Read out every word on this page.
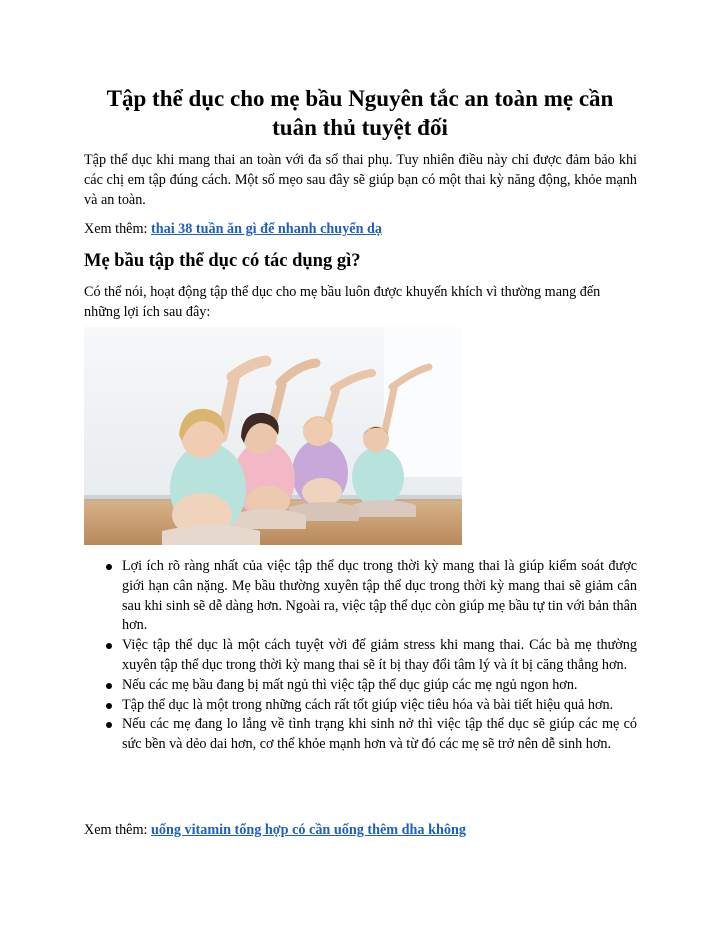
Tập thể dục cho mẹ bầu Nguyên tắc an toàn mẹ cần tuân thủ tuyệt đối

Tập thể dục khi mang thai an toàn với đa số thai phụ. Tuy nhiên điều này chỉ được đảm bảo khi các chị em tập đúng cách. Một số mẹo sau đây sẽ giúp bạn có một thai kỳ năng động, khỏe mạnh và an toàn.

Xem thêm: thai 38 tuần ăn gì để nhanh chuyển dạ

Mẹ bầu tập thể dục có tác dụng gì?

Có thể nói, hoạt động tập thể dục cho mẹ bầu luôn được khuyến khích vì thường mang đến những lợi ích sau đây:

Lợi ích rõ ràng nhất của việc tập thể dục trong thời kỳ mang thai là giúp kiểm soát được giới hạn cân nặng. Mẹ bầu thường xuyên tập thể dục trong thời kỳ mang thai sẽ giảm cân sau khi sinh sẽ dễ dàng hơn. Ngoài ra, việc tập thể dục còn giúp mẹ bầu tự tin với bản thân hơn.
Việc tập thể dục là một cách tuyệt vời để giảm stress khi mang thai. Các bà mẹ thường xuyên tập thể dục trong thời kỳ mang thai sẽ ít bị thay đổi tâm lý và ít bị căng thẳng hơn.
Nếu các mẹ bầu đang bị mất ngủ thì việc tập thể dục giúp các mẹ ngủ ngon hơn.
Tập thể dục là một trong những cách rất tốt giúp việc tiêu hóa và bài tiết hiệu quả hơn.
Nếu các mẹ đang lo lắng về tình trạng khi sinh nở thì việc tập thể dục sẽ giúp các mẹ có sức bền và dẻo dai hơn, cơ thể khỏe mạnh hơn và từ đó các mẹ sẽ trở nên dễ sinh hơn.

Xem thêm: uống vitamin tổng hợp có cần uống thêm dha không
